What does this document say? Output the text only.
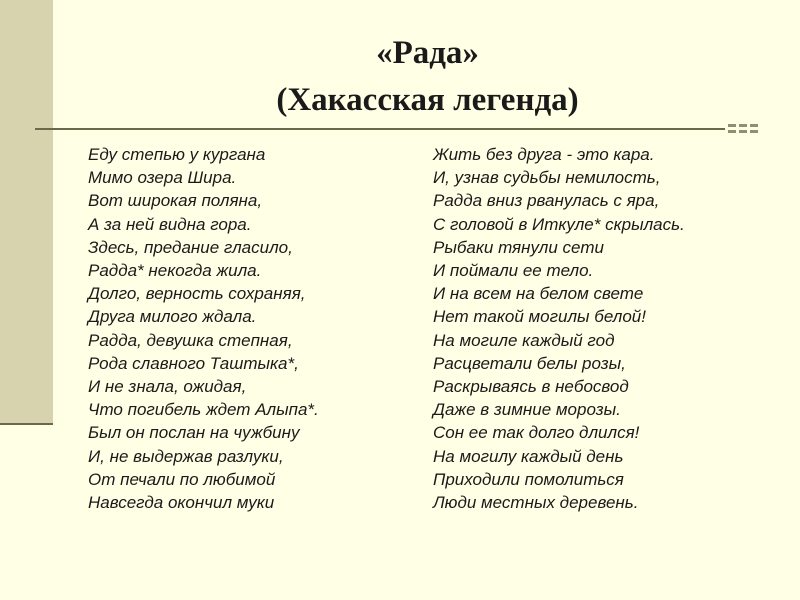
«Рада»
(Хакасская легенда)
Еду степью у кургана
Мимо озера Шира.
Вот широкая поляна,
А за ней видна гора.
Здесь, предание гласило,
Радда* некогда жила.
Долго, верность сохраняя,
Друга милого ждала.
Радда, девушка степная,
Рода славного Таштыка*,
И не знала, ожидая,
Что погибель ждет Алыпа*.
Был он послан на чужбину
И, не выдержав разлуки,
От печали по любимой
Навсегда окончил муки
Жить без друга - это кара.
И, узнав судьбы немилость,
Радда вниз рванулась с яра,
С головой в Иткуле* скрылась.
Рыбаки тянули сети
И поймали ее тело.
И на всем на белом свете
Нет такой могилы белой!
На могиле каждый год
Расцветали белы розы,
Раскрываясь в небосвод
Даже в зимние морозы.
Сон ее так долго длился!
На могилу каждый день
Приходили помолиться
Люди местных деревень.
